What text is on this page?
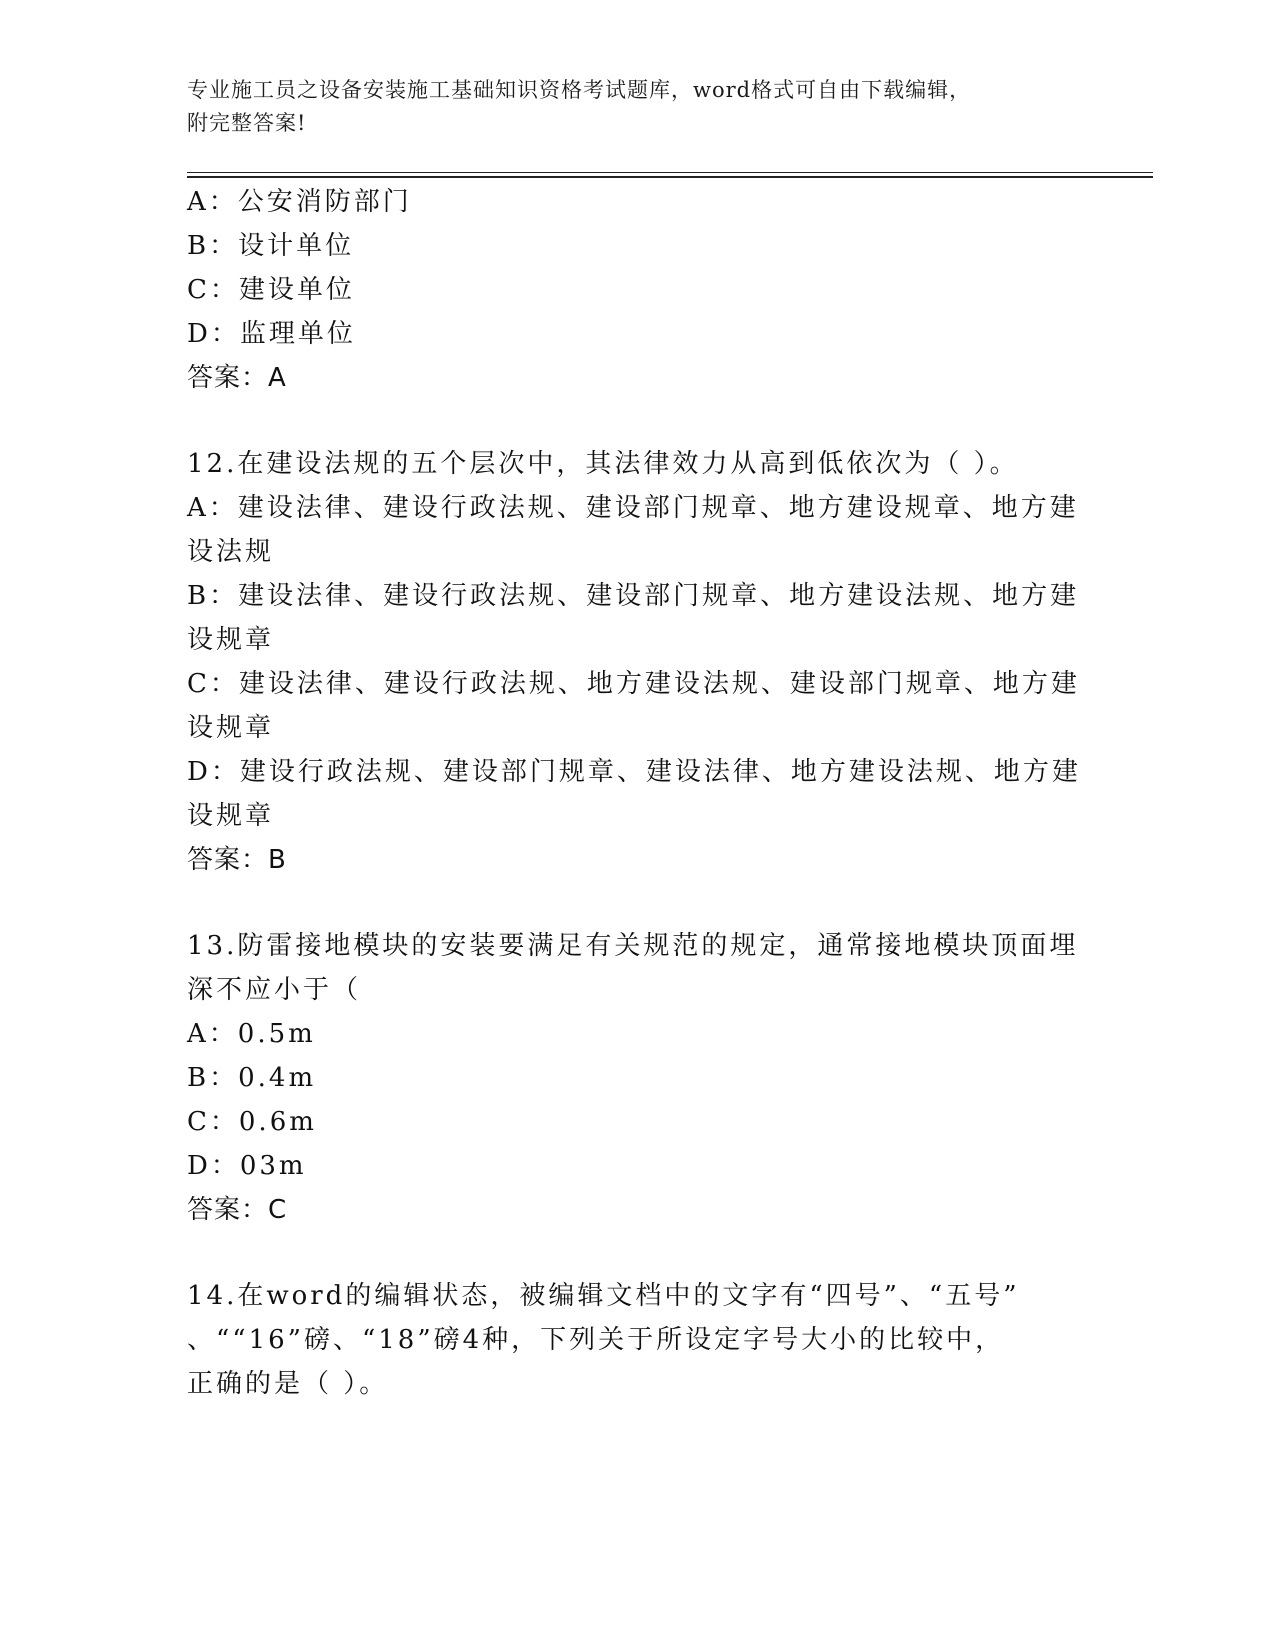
专业施工员之设备安装施工基础知识资格考试题库，word格式可自由下载编辑，
附完整答案!
A：公安消防部门
B：设计单位
C：建设单位
D：监理单位
答案：A
12.在建设法规的五个层次中，其法律效力从高到低依次为（ ）。
A：建设法律、建设行政法规、建设部门规章、地方建设规章、地方建
设法规
B：建设法律、建设行政法规、建设部门规章、地方建设法规、地方建
设规章
C：建设法律、建设行政法规、地方建设法规、建设部门规章、地方建
设规章
D：建设行政法规、建设部门规章、建设法律、地方建设法规、地方建
设规章
答案：B
13.防雷接地模块的安装要满足有关规范的规定，通常接地模块顶面埋
深不应小于（
A：0.5m
B：0.4m
C：0.6m
D：03m
答案：C
14.在word的编辑状态，被编辑文档中的文字有“四号”、“五号”
、““16”磅、“18”磅4种，下列关于所设定字号大小的比较中，
正确的是（ ）。
